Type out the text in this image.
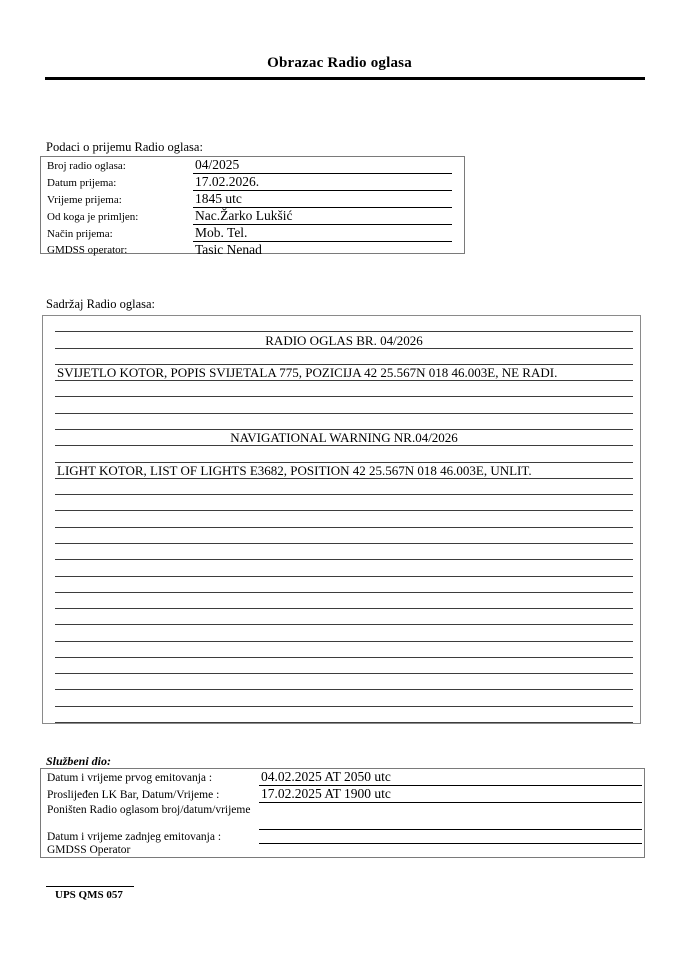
Obrazac Radio oglasa
Podaci o prijemu Radio oglasa:
Broj radio oglasa:	04/2025
Datum prijema:	17.02.2026.
Vrijeme prijema:	1845 utc
Od koga je primljen:	Nac.Žarko Lukšić
Način prijema:	Mob. Tel.
GMDSS operator:	Tasic Nenad
Sadržaj Radio oglasa:
RADIO OGLAS BR. 04/2026
SVIJETLO KOTOR, POPIS SVIJETALA 775, POZICIJA 42 25.567N 018 46.003E, NE RADI.
NAVIGATIONAL WARNING NR.04/2026
LIGHT KOTOR, LIST OF LIGHTS E3682, POSITION 42 25.567N 018 46.003E, UNLIT.
Službeni dio:
Datum i vrijeme prvog emitovanja :	04.02.2025 AT 2050 utc
Proslijeđen LK Bar, Datum/Vrijeme :	17.02.2025 AT 1900 utc
Poništen Radio oglasom broj/datum/vrijeme
Datum i vrijeme zadnjeg emitovanja :
GMDSS Operator
UPS QMS 057
